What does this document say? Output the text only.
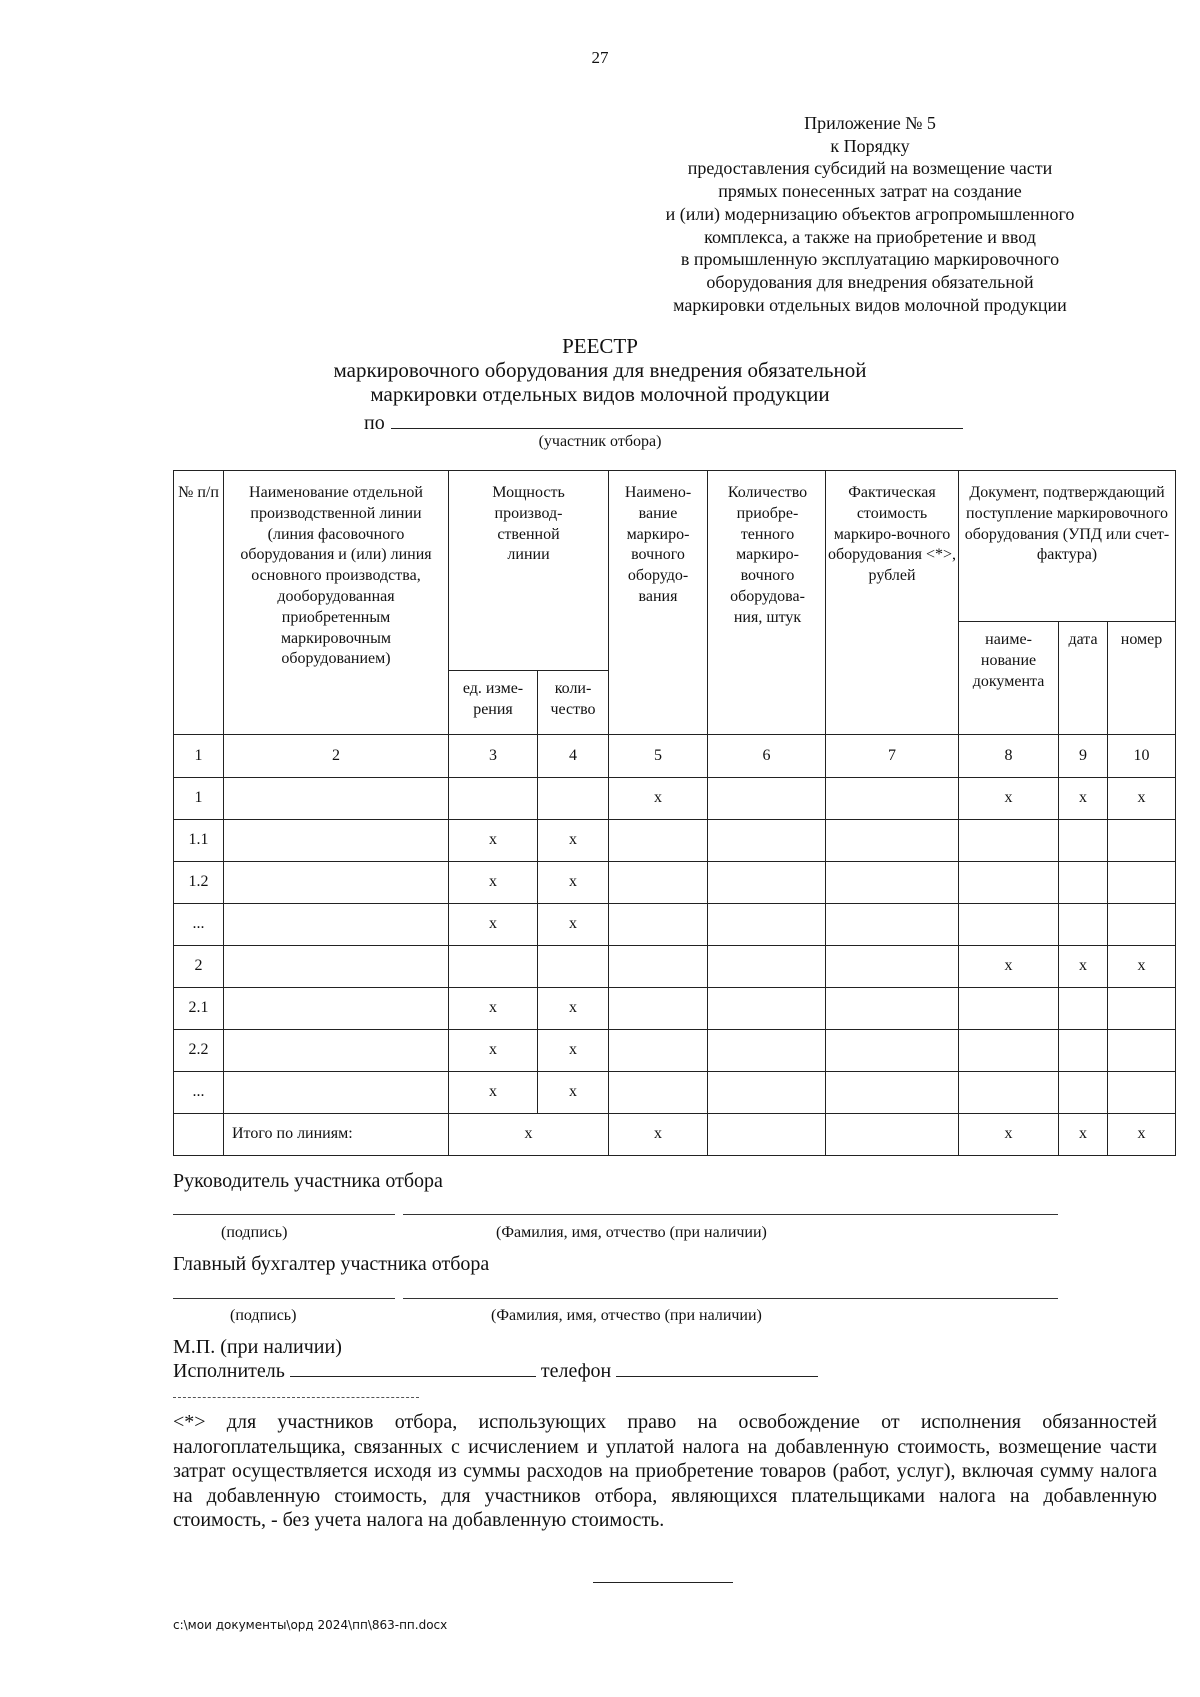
27
Приложение № 5
к Порядку
предоставления субсидий на возмещение части
прямых понесенных затрат на создание
и (или) модернизацию объектов агропромышленного
комплекса, а также на приобретение и ввод
в промышленную эксплуатацию маркировочного
оборудования для внедрения обязательной
маркировки отдельных видов молочной продукции
РЕЕСТР
маркировочного оборудования для внедрения обязательной
маркировки отдельных видов молочной продукции
по
(участник отбора)
№ п/п	Наименование отдельной производственной линии (линия фасовочного оборудования и (или) линия основного производства, дооборудованная приобретенным маркировочным оборудованием)	Мощность производ-ственной линии		Наимено-вание маркиро-вочного оборудо-вания	Количество приобре-тенного маркиро-вочного оборудова-ния, штук	Фактическая стоимость маркиро-вочного оборудования <*>, рублей	Документ, подтверждающий поступление маркировочного оборудования (УПД или счет-фактура)		
							наиме-нование документа	дата	номер
		ед. изме-рения	коли-чество						
1	2	3	4	5	6	7	8	9	10
1				x			x	x	x
1.1		x	x						
1.2		x	x						
...		x	x						
2							x	x	x
2.1		x	x						
2.2		x	x						
...		x	x						
	Итого по линиям:	x		x			x	x	x
Руководитель участника отбора
(подпись)	(Фамилия, имя, отчество (при наличии)
Главный бухгалтер участника отбора
(подпись)	(Фамилия, имя, отчество (при наличии)
М.П. (при наличии)
Исполнитель	телефон
<*> для участников отбора, использующих право на освобождение от исполнения обязанностей налогоплательщика, связанных с исчислением и уплатой налога на добавленную стоимость, возмещение части затрат осуществляется исходя из суммы расходов на приобретение товаров (работ, услуг), включая сумму налога на добавленную стоимость, для участников отбора, являющихся плательщиками налога на добавленную стоимость, - без учета налога на добавленную стоимость.
c:\мои документы\орд 2024\пп\863-пп.docx
